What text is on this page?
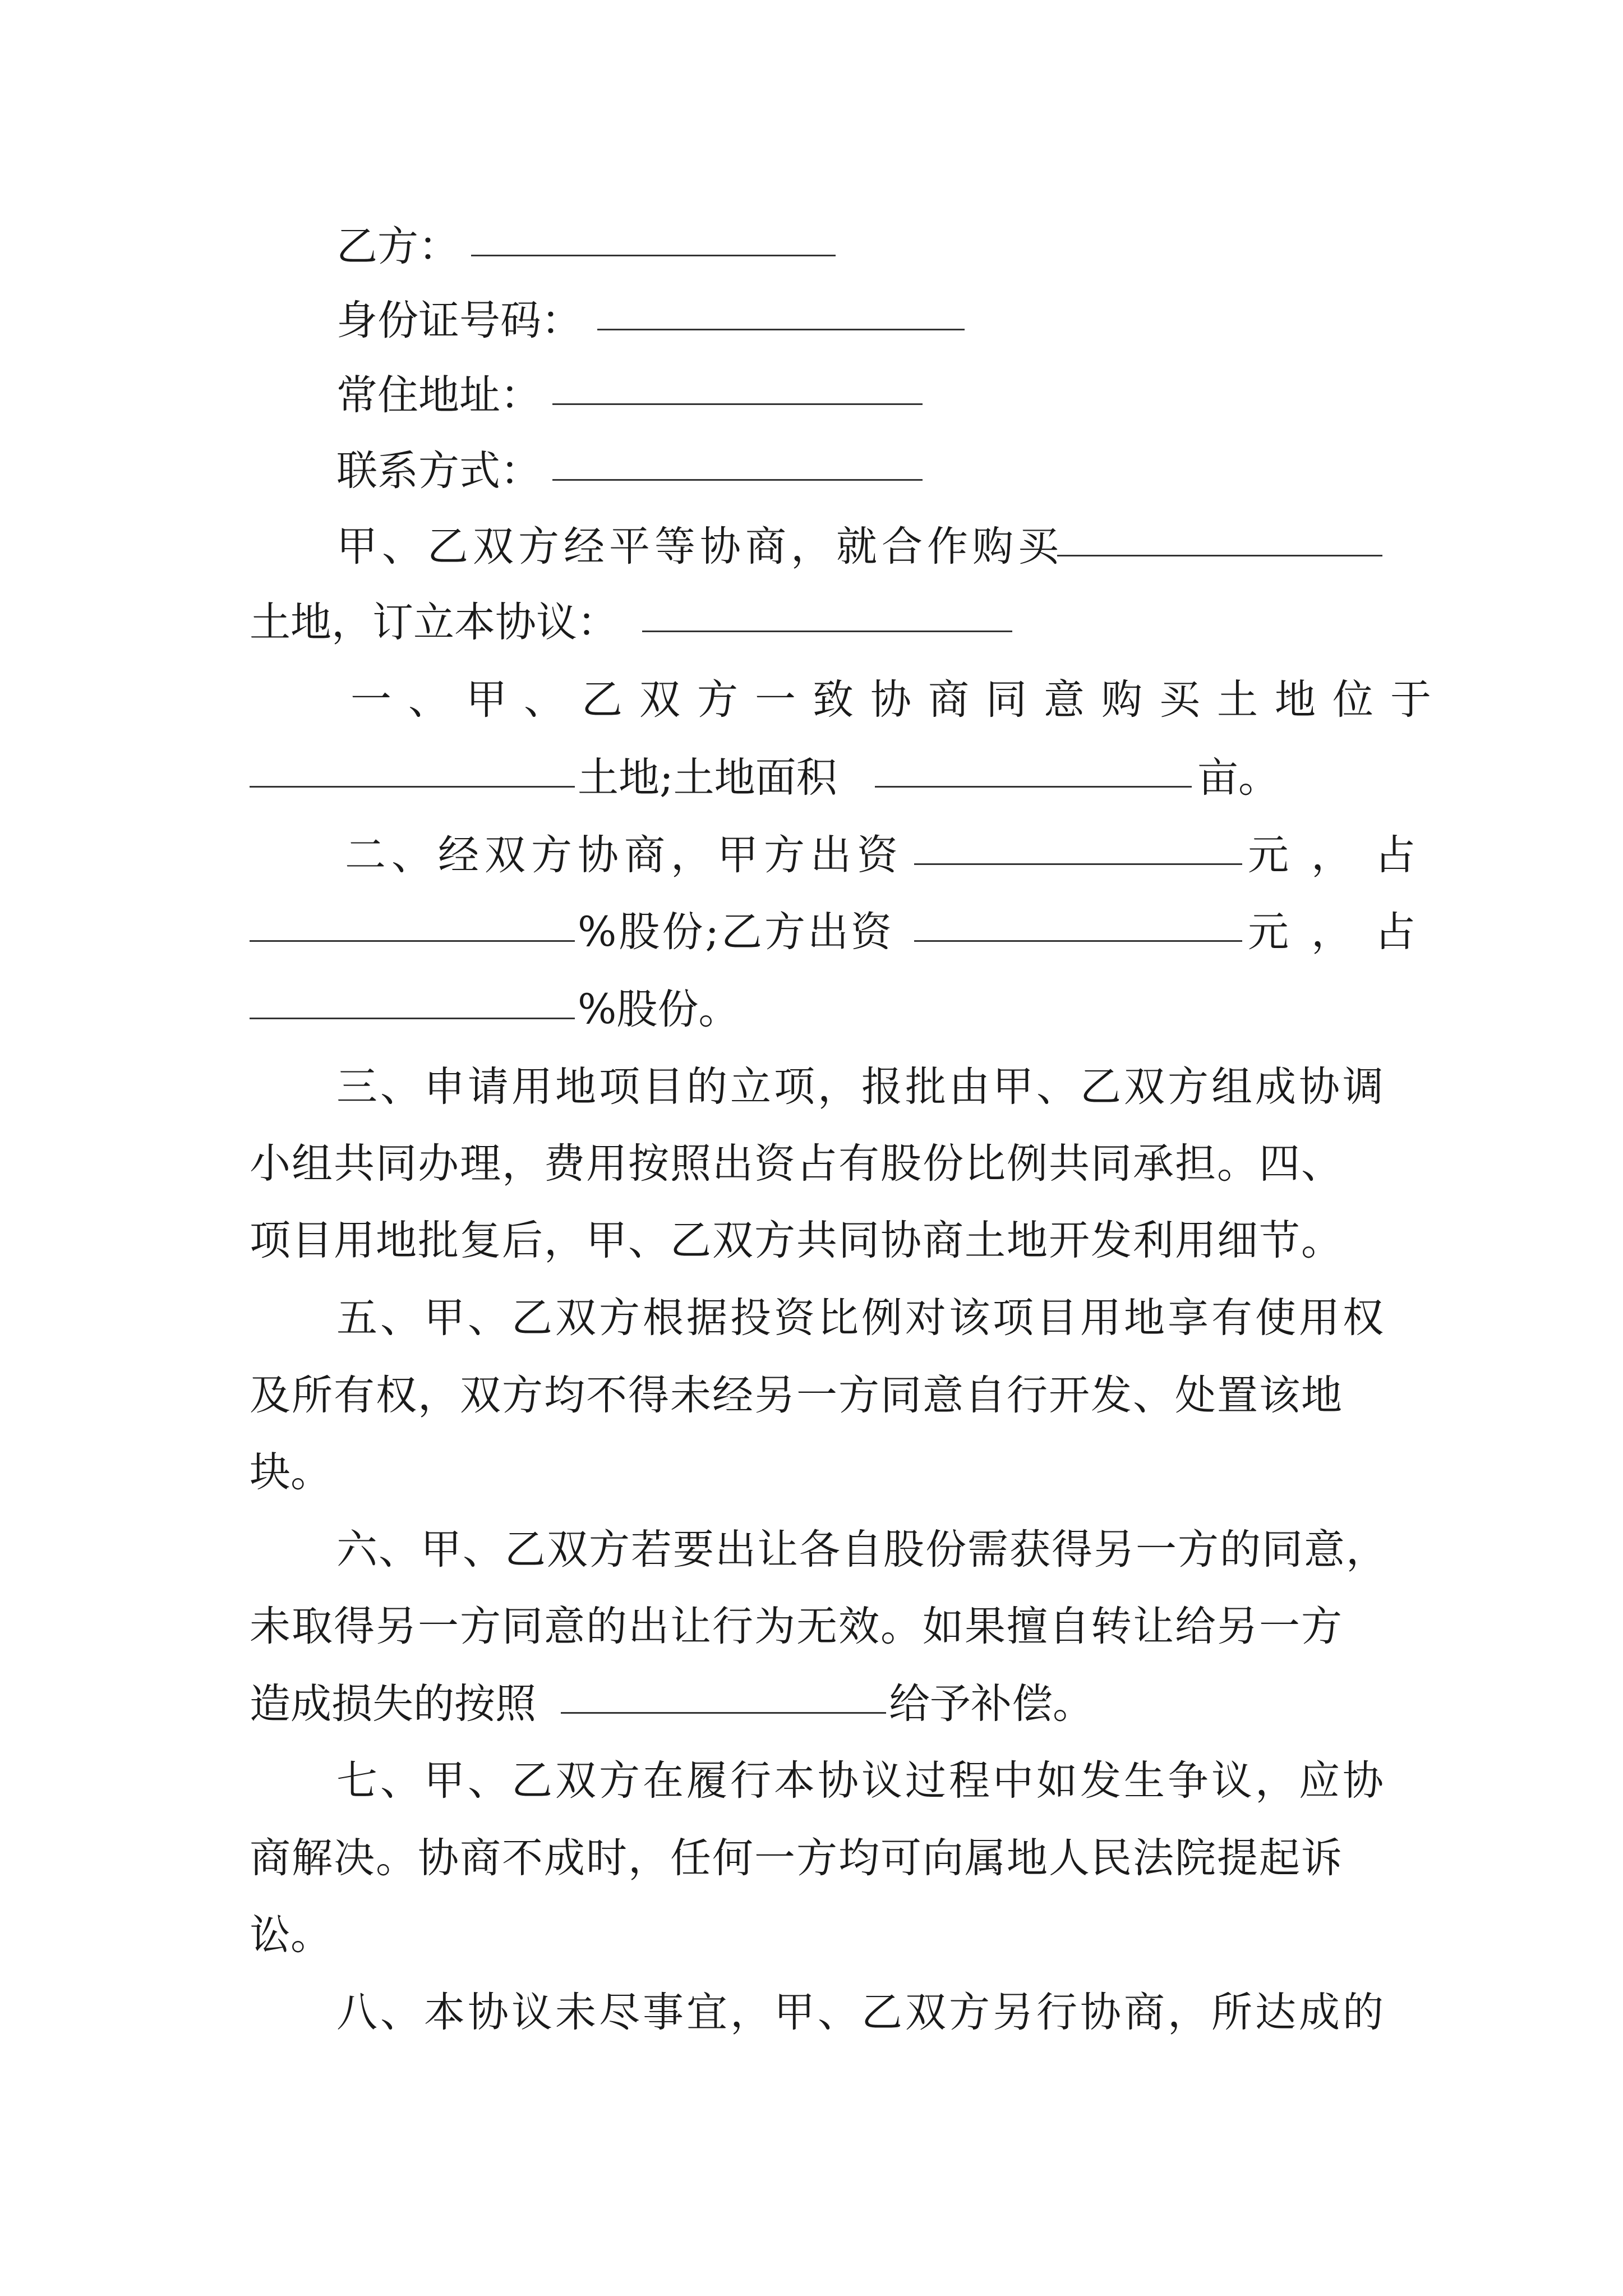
乙方：
身份证号码：
常住地址：
联系方式：
甲、乙双方经平等协商，就合作购买
土地，订立本协议：
一、甲、乙双方一致协商同意购买土地位于
土地;土地面积	亩。
二、经双方协商，甲方出资	元，占
%股份;乙方出资	元，占
%股份。
三、申请用地项目的立项，报批由甲、乙双方组成协调
小组共同办理，费用按照出资占有股份比例共同承担。四、
项目用地批复后，甲、乙双方共同协商土地开发利用细节。
五、甲、乙双方根据投资比例对该项目用地享有使用权
及所有权，双方均不得未经另一方同意自行开发、处置该地
块。
六、甲、乙双方若要出让各自股份需获得另一方的同意，
未取得另一方同意的出让行为无效。如果擅自转让给另一方
造成损失的按照	给予补偿。
七、甲、乙双方在履行本协议过程中如发生争议，应协
商解决。协商不成时，任何一方均可向属地人民法院提起诉
讼。
八、本协议未尽事宜，甲、乙双方另行协商，所达成的
